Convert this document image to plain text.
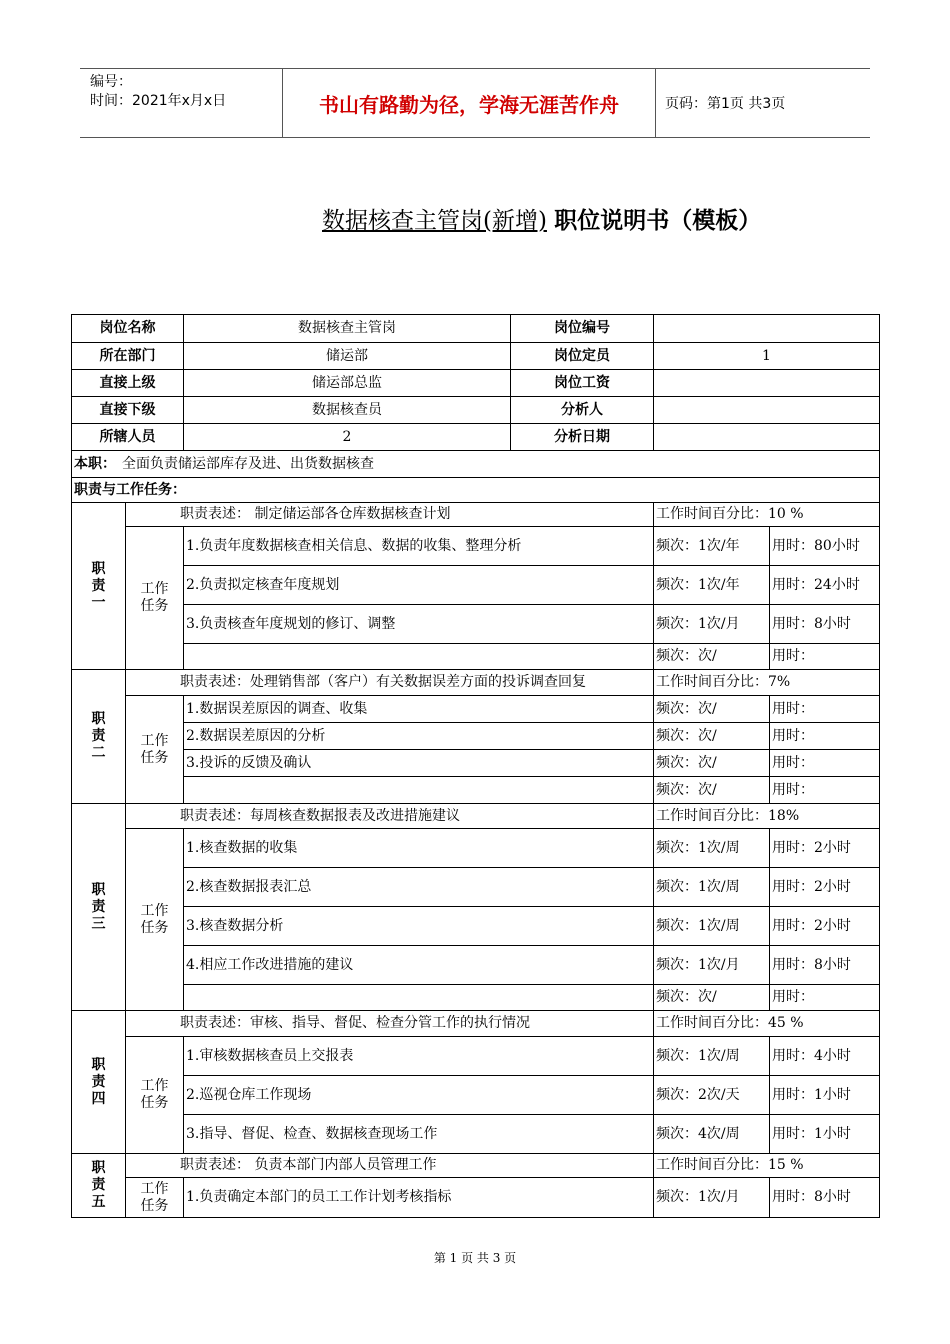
编号：
时间：2021年x月x日	书山有路勤为径，学海无涯苦作舟	页码：第1页 共3页
数据核查主管岗(新增) 职位说明书（模板）
岗位名称		数据核查主管岗	岗位编号		
所在部门		储运部	岗位定员	1	
直接上级		储运部总监	岗位工资		
直接下级		数据核查员	分析人		
所辖人员		2	分析日期		
本职： 全面负责储运部库存及进、出货数据核查					
职责与工作任务：					

职责一	职责表述： 制定储运部各仓库数据核查计划			工作时间百分比：10 %	

	工作任务	1.负责年度数据核查相关信息、数据的收集、整理分析		频次：1次/年	用时：80小时
		2.负责拟定核查年度规划		频次：1次/年	用时：24小时
		3.负责核查年度规划的修订、调整		频次：1次/月	用时：8小时
				频次：次/	用时：

职责二	职责表述：处理销售部（客户）有关数据误差方面的投诉调查回复			工作时间百分比：7%	

	工作任务	1.数据误差原因的调查、收集		频次：次/	用时：
		2.数据误差原因的分析		频次：次/	用时：
		3.投诉的反馈及确认		频次：次/	用时：
				频次：次/	用时：

职责三	职责表述：每周核查数据报表及改进措施建议			工作时间百分比：18%	

	工作任务	1.核查数据的收集		频次：1次/周	用时：2小时
		2.核查数据报表汇总		频次：1次/周	用时：2小时
		3.核查数据分析		频次：1次/周	用时：2小时
		4.相应工作改进措施的建议		频次：1次/月	用时：8小时
				频次：次/	用时：

职责四	职责表述：审核、指导、督促、检查分管工作的执行情况			工作时间百分比：45 %	

	工作任务	1.审核数据核查员上交报表		频次：1次/周	用时：4小时
		2.巡视仓库工作现场		频次：2次/天	用时：1小时
		3.指导、督促、检查、数据核查现场工作		频次：4次/周	用时：1小时

职责五	职责表述： 负责本部门内部人员管理工作			工作时间百分比：15 %	

	工作任务	1.负责确定本部门的员工工作计划考核指标		频次：1次/月	用时：8小时
第 1 页 共 3 页
